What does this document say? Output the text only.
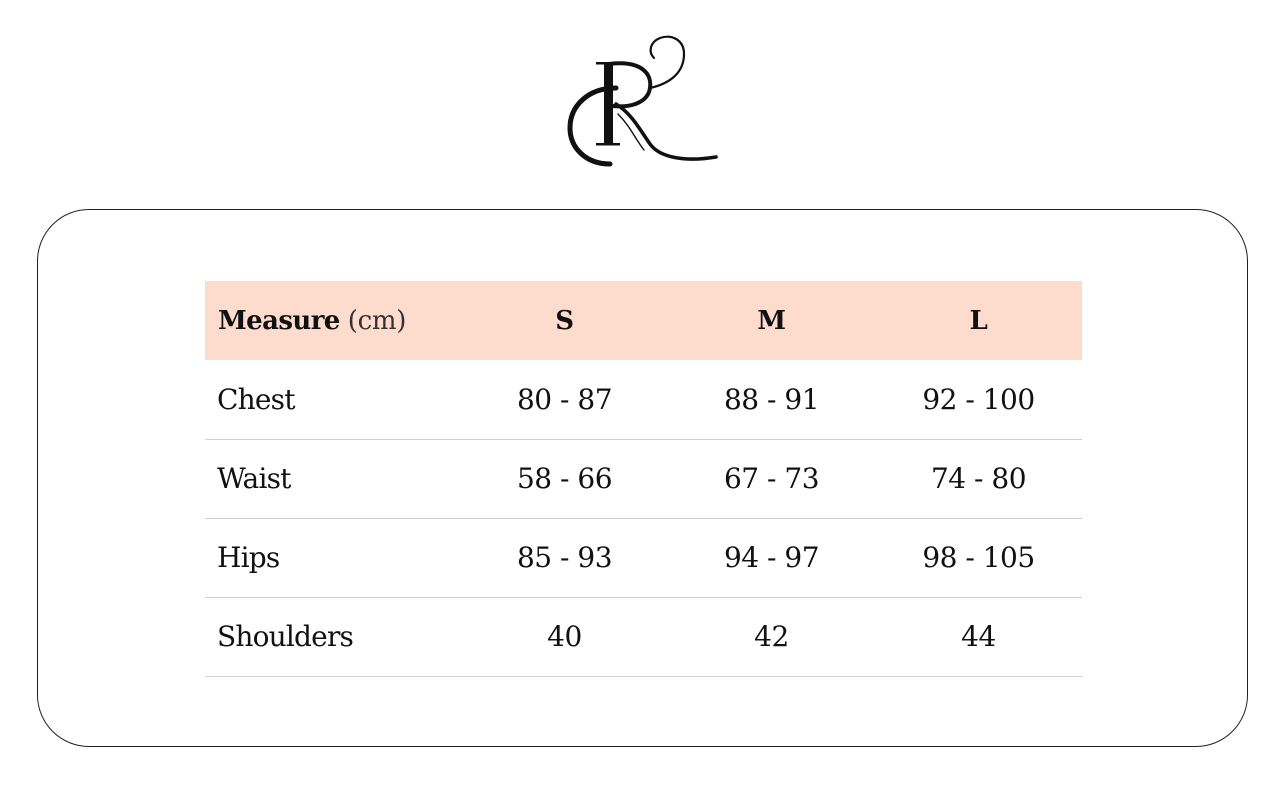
Measure (cm)	S	M	L
Chest	80 - 87	88 - 91	92 - 100
Waist	58 - 66	67 - 73	74 - 80
Hips	85 - 93	94 - 97	98 - 105
Shoulders	40	42	44
